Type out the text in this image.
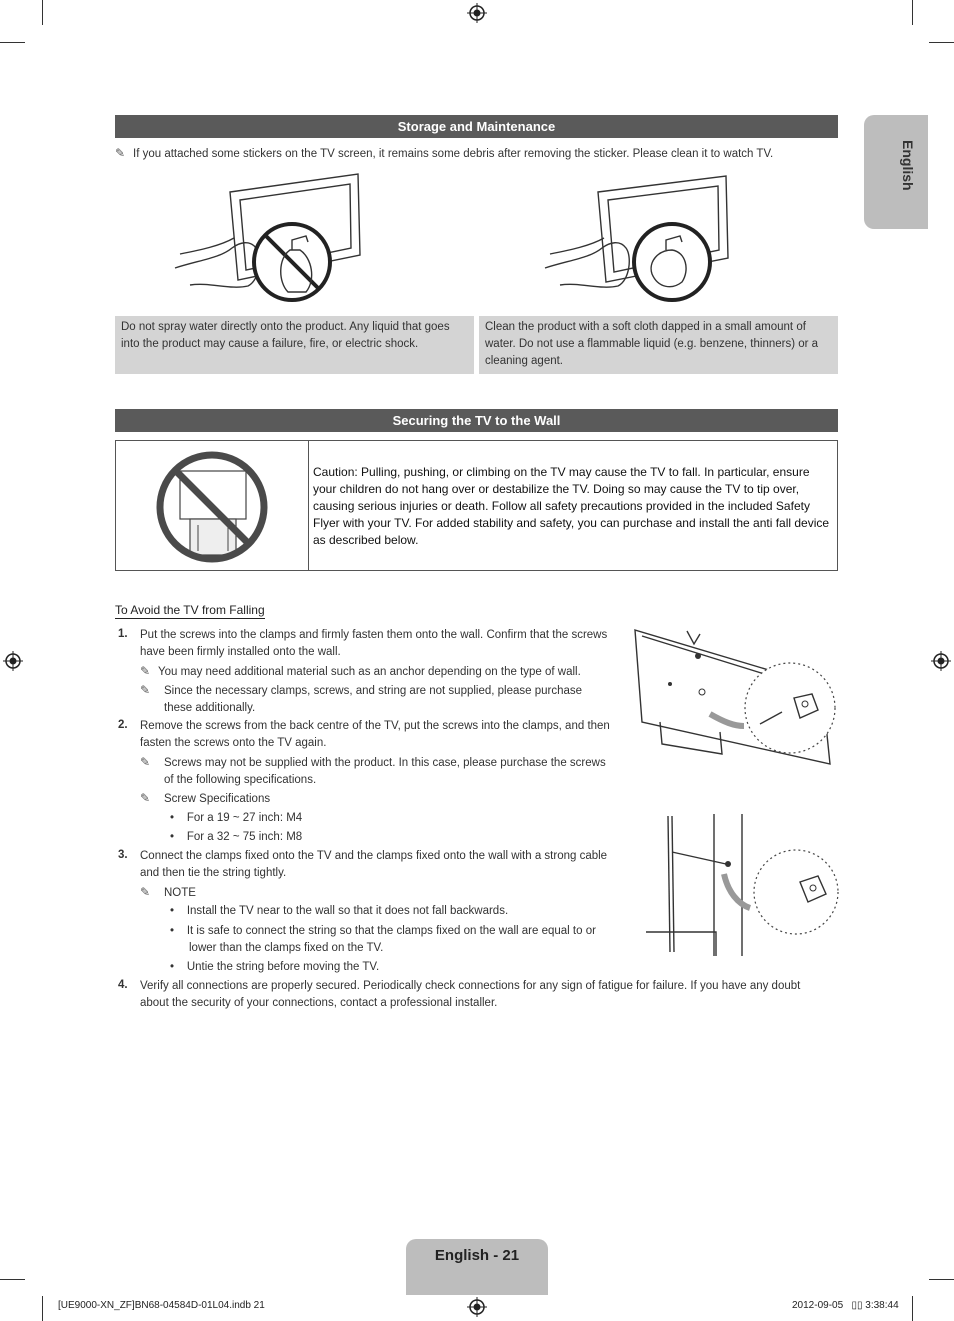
English
Storage and Maintenance
✎ If you attached some stickers on the TV screen, it remains some debris after removing the sticker. Please clean it to watch TV.
Do not spray water directly onto the product. Any liquid that goes into the product may cause a failure, fire, or electric shock.
Clean the product with a soft cloth dapped in a small amount of water. Do not use a flammable liquid (e.g. benzene, thinners) or a cleaning agent.
Securing the TV to the Wall
Caution: Pulling, pushing, or climbing on the TV may cause the TV to fall. In particular, ensure your children do not hang over or destabilize the TV. Doing so may cause the TV to tip over, causing serious injuries or death. Follow all safety precautions provided in the included Safety Flyer with your TV. For added stability and safety, you can purchase and install the anti fall device as described below.
To Avoid the TV from Falling
1. Put the screws into the clamps and firmly fasten them onto the wall. Confirm that the screws have been firmly installed onto the wall.
✎ You may need additional material such as an anchor depending on the type of wall.
✎ Since the necessary clamps, screws, and string are not supplied, please purchase these additionally.
2. Remove the screws from the back centre of the TV, put the screws into the clamps, and then fasten the screws onto the TV again.
✎ Screws may not be supplied with the product. In this case, please purchase the screws of the following specifications.
✎ Screw Specifications
•    For a 19 ~ 27 inch: M4
•    For a 32 ~ 75 inch: M8
3. Connect the clamps fixed onto the TV and the clamps fixed onto the wall with a strong cable and then tie the string tightly.
✎ NOTE
•    Install the TV near to the wall so that it does not fall backwards.
•    It is safe to connect the string so that the clamps fixed on the wall are equal to or lower than the clamps fixed on the TV.
•    Untie the string before moving the TV.
4. Verify all connections are properly secured. Periodically check connections for any sign of fatigue for failure. If you have any doubt about the security of your connections, contact a professional installer.
English - 21
[UE9000-XN_ZF]BN68-04584D-01L04.indb 21	2012-09-05   ▯▯ 3:38:44
